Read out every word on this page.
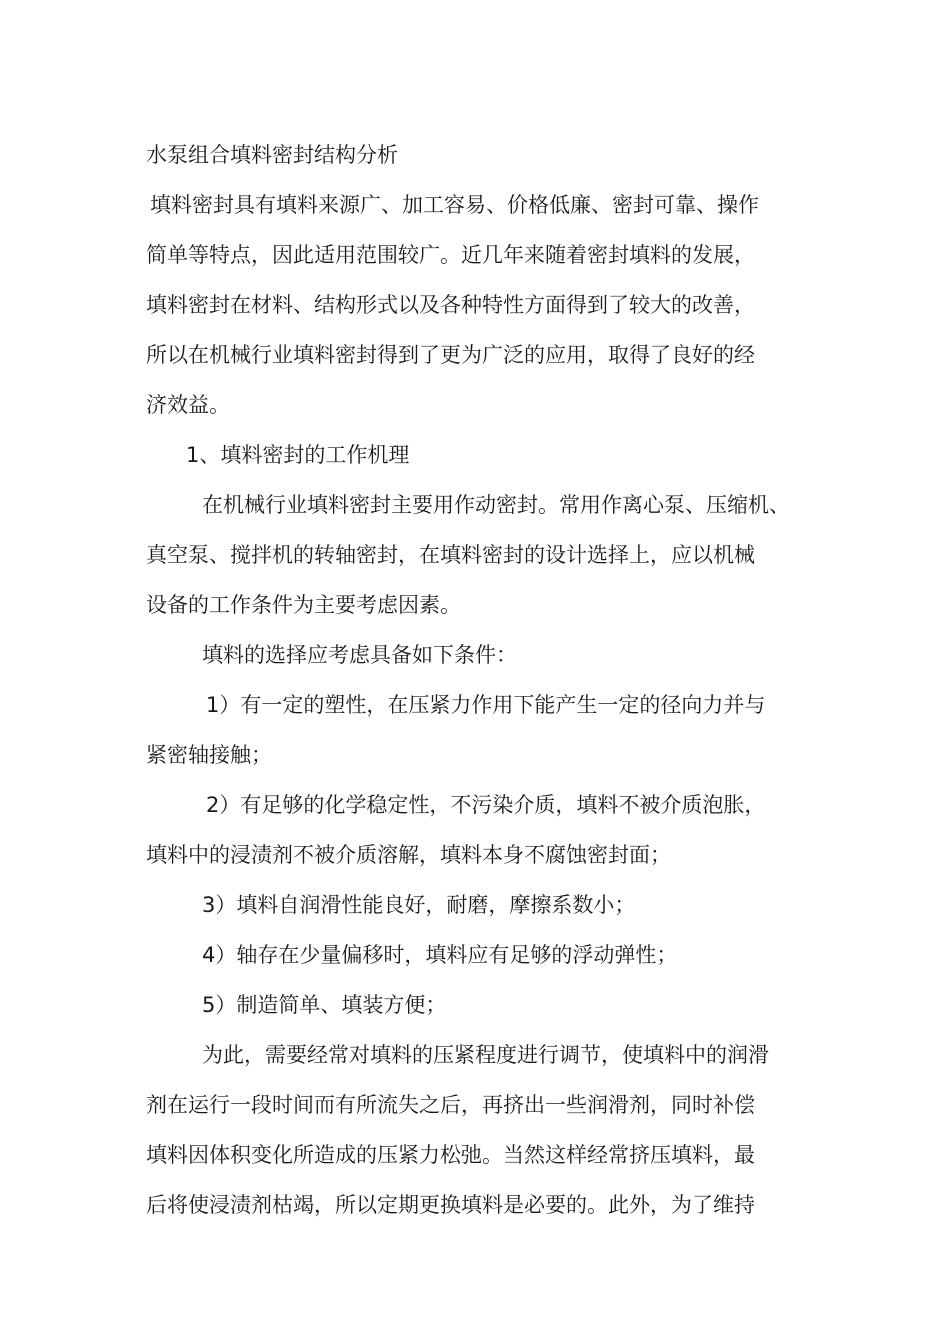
水泵组合填料密封结构分析
填料密封具有填料来源广、加工容易、价格低廉、密封可靠、操作
简单等特点，因此适用范围较广。近几年来随着密封填料的发展，
填料密封在材料、结构形式以及各种特性方面得到了较大的改善，
所以在机械行业填料密封得到了更为广泛的应用，取得了良好的经
济效益。
1、填料密封的工作机理
在机械行业填料密封主要用作动密封。常用作离心泵、压缩机、
真空泵、搅拌机的转轴密封，在填料密封的设计选择上，应以机械
设备的工作条件为主要考虑因素。
填料的选择应考虑具备如下条件：
1）有一定的塑性，在压紧力作用下能产生一定的径向力并与
紧密轴接触；
2）有足够的化学稳定性，不污染介质，填料不被介质泡胀，
填料中的浸渍剂不被介质溶解，填料本身不腐蚀密封面；
3）填料自润滑性能良好，耐磨，摩擦系数小；
4）轴存在少量偏移时，填料应有足够的浮动弹性；
5）制造简单、填装方便；
为此，需要经常对填料的压紧程度进行调节，使填料中的润滑
剂在运行一段时间而有所流失之后，再挤出一些润滑剂，同时补偿
填料因体积变化所造成的压紧力松弛。当然这样经常挤压填料，最
后将使浸渍剂枯竭，所以定期更换填料是必要的。此外，为了维持
